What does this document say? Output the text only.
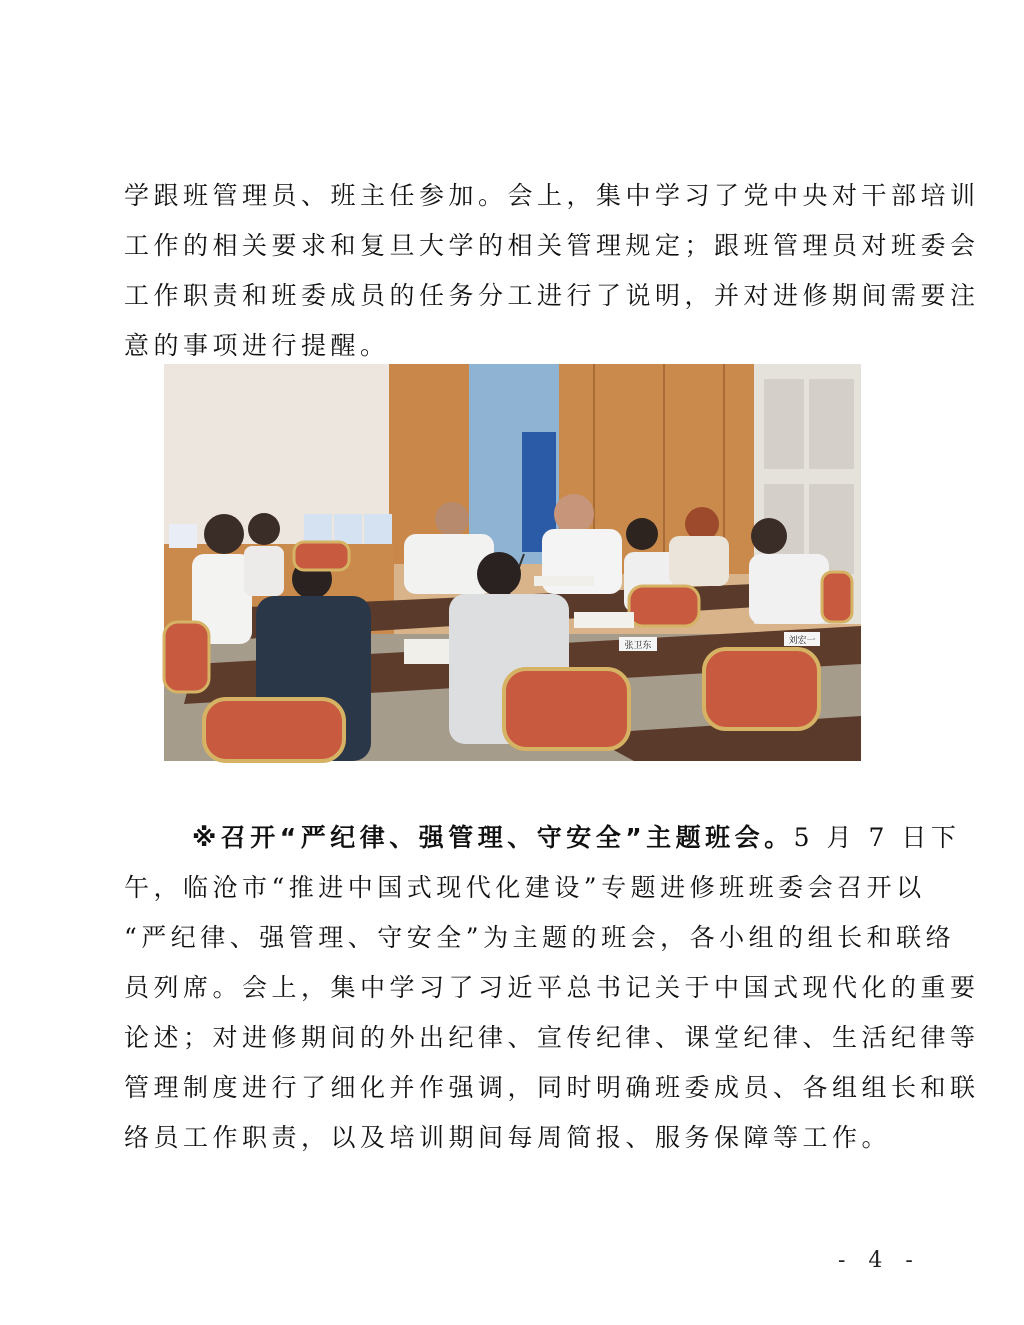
学跟班管理员、班主任参加。会上，集中学习了党中央对干部培训
工作的相关要求和复旦大学的相关管理规定；跟班管理员对班委会
工作职责和班委成员的任务分工进行了说明，并对进修期间需要注
意的事项进行提醒。
张卫东	刘宏一
※召开“严纪律、强管理、守安全”主题班会。5 月 7 日下
午，临沧市“推进中国式现代化建设”专题进修班班委会召开以
“严纪律、强管理、守安全”为主题的班会，各小组的组长和联络
员列席。会上，集中学习了习近平总书记关于中国式现代化的重要
论述；对进修期间的外出纪律、宣传纪律、课堂纪律、生活纪律等
管理制度进行了细化并作强调，同时明确班委成员、各组组长和联
络员工作职责，以及培训期间每周简报、服务保障等工作。
- 4 -
